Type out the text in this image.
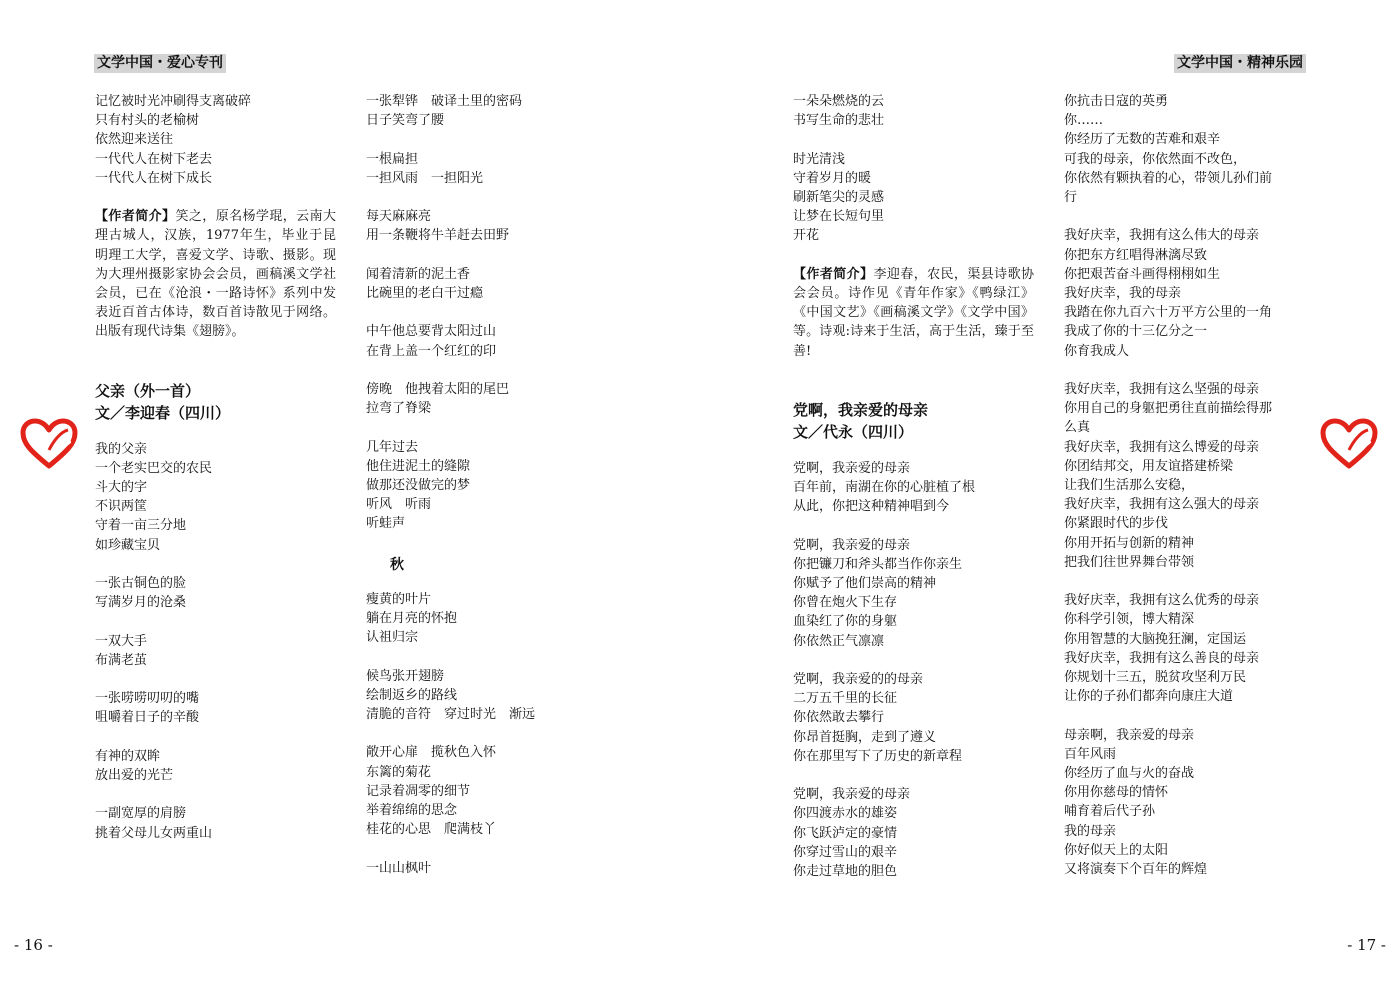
文学中国・爱心专刊	文学中国・精神乐园
记忆被时光冲刷得支离破碎
只有村头的老榆树
依然迎来送往
一代代人在树下老去
一代代人在树下成长
【作者简介】笑之，原名杨学琨，云南大理古城人，汉族，1977年生，毕业于昆明理工大学，喜爱文学、诗歌、摄影。现为大理州摄影家协会会员，画稿溪文学社会员，已在《沧浪・一路诗怀》系列中发表近百首古体诗，数百首诗散见于网络。出版有现代诗集《翅膀》。
父亲（外一首）
文／李迎春（四川）
我的父亲
一个老实巴交的农民
斗大的字
不识两筐
守着一亩三分地
如珍藏宝贝
一张古铜色的脸
写满岁月的沧桑
一双大手
布满老茧
一张唠唠叨叨的嘴
咀嚼着日子的辛酸
有神的双眸
放出爱的光芒
一副宽厚的肩膀
挑着父母儿女两重山
一张犁铧　破译土里的密码
日子笑弯了腰
一根扁担
一担风雨　一担阳光
每天麻麻亮
用一条鞭将牛羊赶去田野
闻着清新的泥土香
比碗里的老白干过瘾
中午他总要背太阳过山
在背上盖一个红红的印
傍晚　他拽着太阳的尾巴
拉弯了脊梁
几年过去
他住进泥土的缝隙
做那还没做完的梦
听风　听雨
听蛙声
秋
瘦黄的叶片
躺在月亮的怀抱
认祖归宗
候鸟张开翅膀
绘制返乡的路线
清脆的音符　穿过时光　渐远
敞开心扉　揽秋色入怀
东篱的菊花
记录着凋零的细节
举着绵绵的思念
桂花的心思　爬满枝丫
一山山枫叶
一朵朵燃烧的云
书写生命的悲壮
时光清浅
守着岁月的暖
刷新笔尖的灵感
让梦在长短句里
开花
【作者简介】李迎春，农民，渠县诗歌协会会员。诗作见《青年作家》《鸭绿江》《中国文艺》《画稿溪文学》《文学中国》等。诗观:诗来于生活，高于生活，臻于至善!
党啊，我亲爱的母亲
文／代永（四川）
党啊，我亲爱的母亲
百年前，南湖在你的心脏植了根
从此，你把这种精神唱到今
党啊，我亲爱的母亲
你把镰刀和斧头都当作你亲生
你赋予了他们崇高的精神
你曾在炮火下生存
血染红了你的身躯
你依然正气凛凛
党啊，我亲爱的的母亲
二万五千里的长征
你依然敢去攀行
你昂首挺胸，走到了遵义
你在那里写下了历史的新章程
党啊，我亲爱的母亲
你四渡赤水的雄姿
你飞跃泸定的豪情
你穿过雪山的艰辛
你走过草地的胆色
你抗击日寇的英勇
你……
你经历了无数的苦难和艰辛
可我的母亲，你依然面不改色，
你依然有颗执着的心，带领儿孙们前
行
我好庆幸，我拥有这么伟大的母亲
你把东方红唱得淋漓尽致
你把艰苦奋斗画得栩栩如生
我好庆幸，我的母亲
我踏在你九百六十万平方公里的一角
我成了你的十三亿分之一
你育我成人
我好庆幸，我拥有这么坚强的母亲
你用自己的身躯把勇往直前描绘得那
么真
我好庆幸，我拥有这么博爱的母亲
你团结邦交，用友谊搭建桥梁
让我们生活那么安稳，
我好庆幸，我拥有这么强大的母亲
你紧跟时代的步伐
你用开拓与创新的精神
把我们往世界舞台带领
我好庆幸，我拥有这么优秀的母亲
你科学引领，博大精深
你用智慧的大脑挽狂澜，定国运
我好庆幸，我拥有这么善良的母亲
你规划十三五，脱贫攻坚利万民
让你的子孙们都奔向康庄大道
母亲啊，我亲爱的母亲
百年风雨
你经历了血与火的奋战
你用你慈母的情怀
哺育着后代子孙
我的母亲
你好似天上的太阳
又将演奏下个百年的辉煌
- 16 -	- 17 -
